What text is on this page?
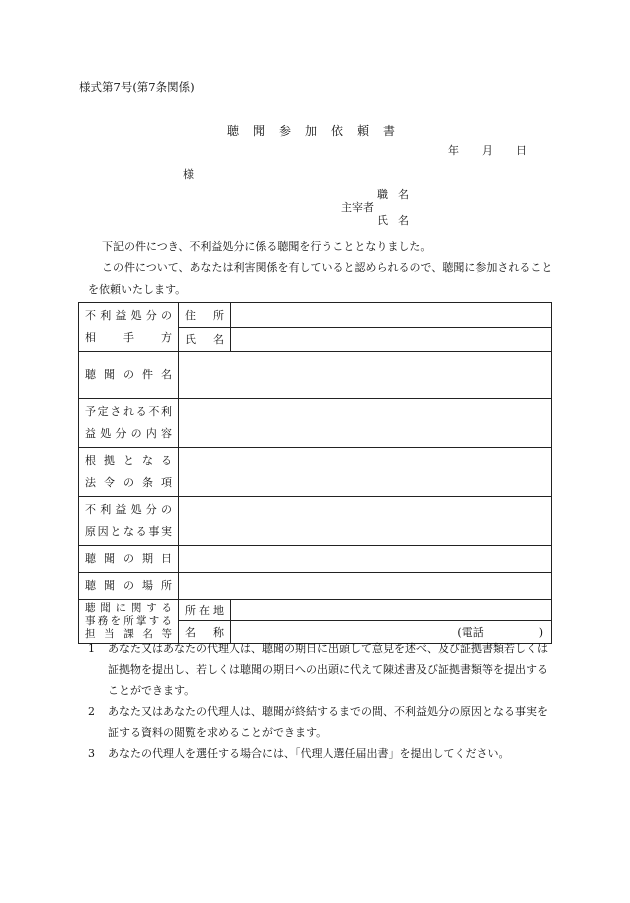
様式第7号(第7条関係)
聴聞参加依頼書
年 月 日
様
職名
主宰者
氏名
下記の件につき、不利益処分に係る聴聞を行うこととなりました。
この件について、あなたは利害関係を有していると認められるので、聴聞に参加されることを依頼いたします。
不利益処分の
相手方	住所	
	氏名	

聴聞の件名		

予定される不利
益処分の内容		

根拠となる
法令の条項		

不利益処分の
原因となる事実		

聴聞の期日		

聴聞の場所		

聴聞に関する
事務を所掌する
担当課名等	所在地	
	名称	(電話　　　　　)
1 あなた又はあなたの代理人は、聴聞の期日に出頭して意見を述べ、及び証拠書類若しくは証拠物を提出し、若しくは聴聞の期日への出頭に代えて陳述書及び証拠書類等を提出することができます。
2 あなた又はあなたの代理人は、聴聞が終結するまでの間、不利益処分の原因となる事実を証する資料の閲覧を求めることができます。
3 あなたの代理人を選任する場合には、「代理人選任届出書」を提出してください。
